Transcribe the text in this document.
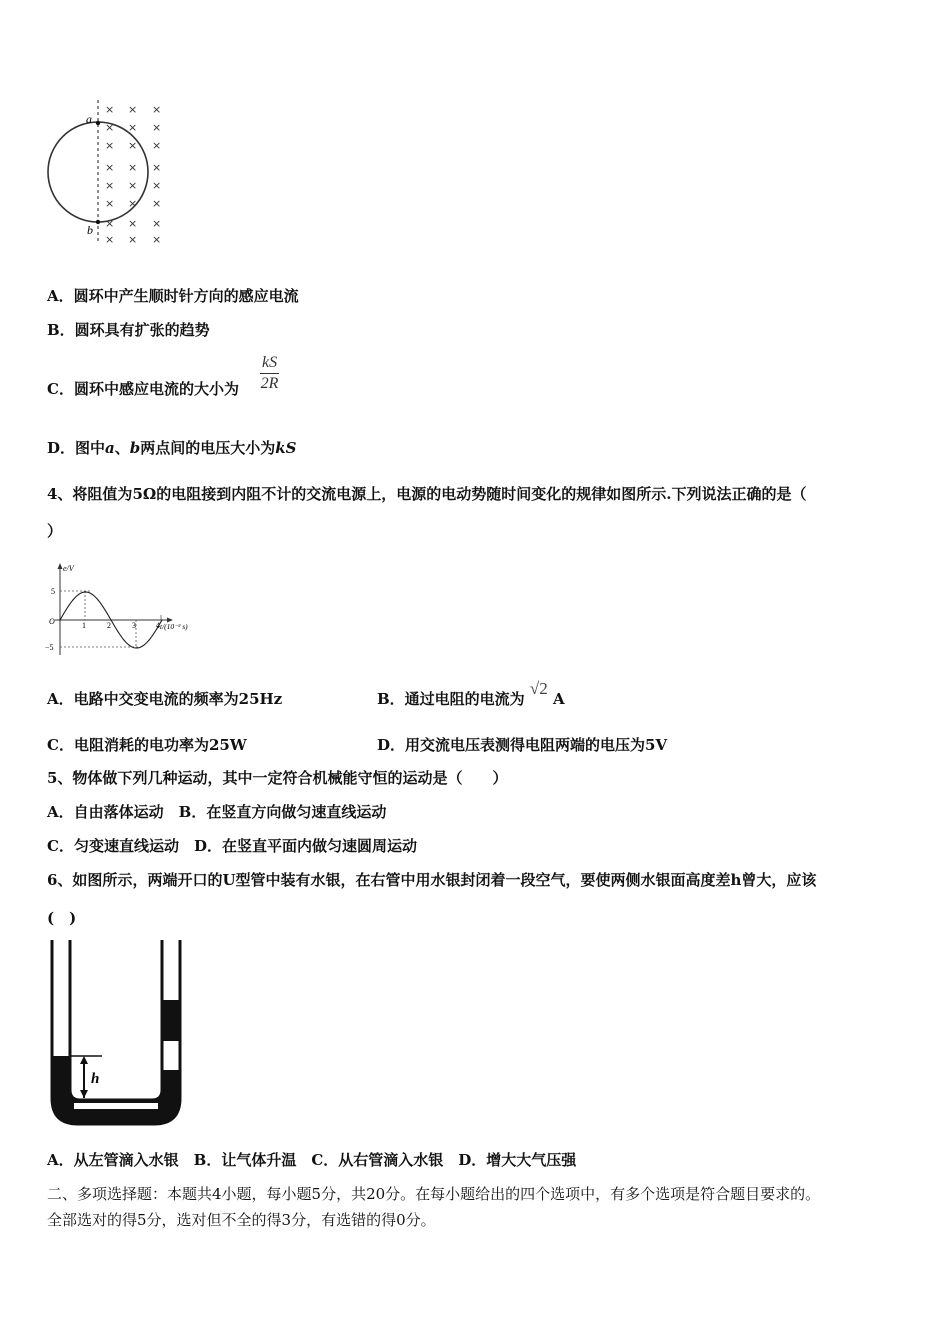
a
b
× × ×
× × ×
× × ×
× × ×
× × ×
× × ×
× × ×
× × ×
A．圆环中产生顺时针方向的感应电流
B．圆环具有扩张的趋势
C．圆环中感应电流的大小为 $\frac{kS}{2R}$
D．图中a、b两点间的电压大小为kS
4、将阻值为5Ω的电阻接到内阻不计的交流电源上，电源的电动势随时间变化的规律如图所示.下列说法正确的是（
）
e/V
t/(10⁻² s)
O
5
−5
1	2	3	4
A．电路中交变电流的频率为25Hz	B．通过电阻的电流为 √2 A
C．电阻消耗的电功率为25W	D．用交流电压表测得电阻两端的电压为5V
5、物体做下列几种运动，其中一定符合机械能守恒的运动是（　　）
A．自由落体运动　B．在竖直方向做匀速直线运动
C．匀变速直线运动　D．在竖直平面内做匀速圆周运动
6、如图所示，两端开口的U型管中装有水银，在右管中用水银封闭着一段空气，要使两侧水银面高度差h曾大，应该
(　)
h
A．从左管滴入水银　B．让气体升温　C．从右管滴入水银　D．增大大气压强
二、多项选择题：本题共4小题，每小题5分，共20分。在每小题给出的四个选项中，有多个选项是符合题目要求的。
全部选对的得5分，选对但不全的得3分，有选错的得0分。
